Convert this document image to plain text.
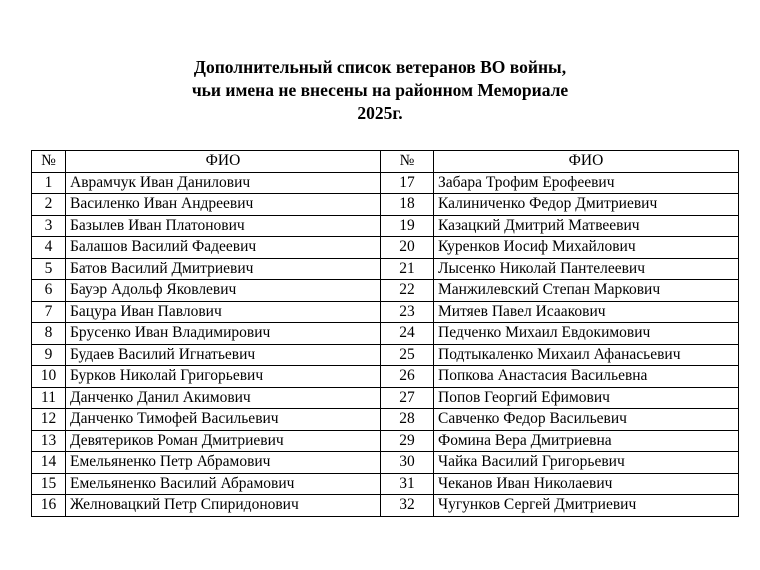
Дополнительный список ветеранов ВО войны,
чьи имена не внесены на районном Мемориале
2025г.
№	ФИО	№	ФИО
1	Аврамчук Иван Данилович	17	Забара Трофим Ерофеевич
2	Василенко Иван Андреевич	18	Калиниченко Федор Дмитриевич
3	Базылев Иван Платонович	19	Казацкий Дмитрий Матвеевич
4	Балашов Василий Фадеевич	20	Куренков Иосиф Михайлович
5	Батов Василий Дмитриевич	21	Лысенко Николай Пантелеевич
6	Бауэр Адольф Яковлевич	22	Манжилевский Степан Маркович
7	Бацура Иван Павлович	23	Митяев Павел Исаакович
8	Брусенко Иван Владимирович	24	Педченко Михаил Евдокимович
9	Будаев Василий Игнатьевич	25	Подтыкаленко Михаил Афанасьевич
10	Бурков Николай Григорьевич	26	Попкова Анастасия Васильевна
11	Данченко Данил Акимович	27	Попов Георгий Ефимович
12	Данченко Тимофей Васильевич	28	Савченко Федор Васильевич
13	Девятериков Роман Дмитриевич	29	Фомина Вера Дмитриевна
14	Емельяненко Петр Абрамович	30	Чайка Василий Григорьевич
15	Емельяненко Василий Абрамович	31	Чеканов Иван Николаевич
16	Желновацкий Петр Спиридонович	32	Чугунков Сергей Дмитриевич
